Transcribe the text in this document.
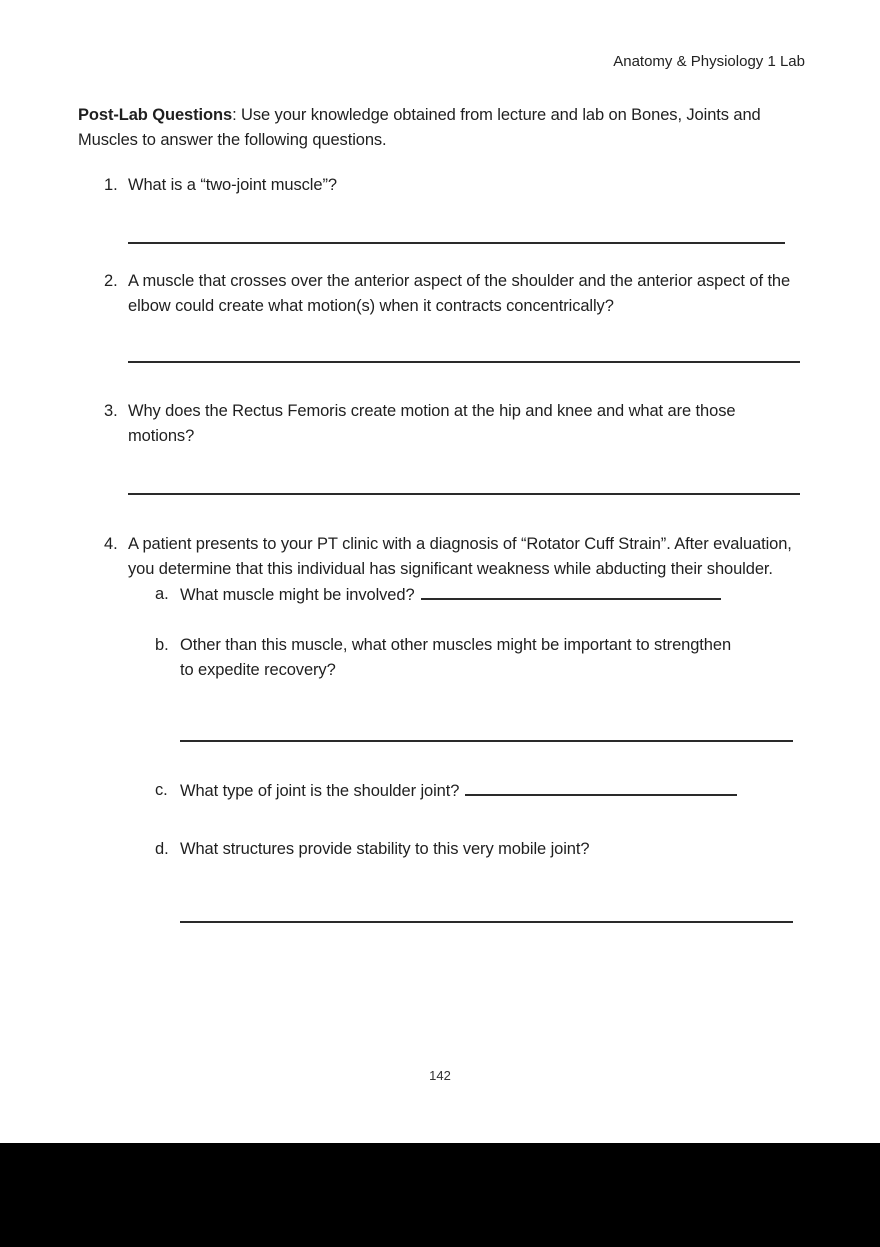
Anatomy & Physiology 1 Lab

Post-Lab Questions: Use your knowledge obtained from lecture and lab on Bones, Joints and Muscles to answer the following questions.

1. What is a “two-joint muscle”?
2. A muscle that crosses over the anterior aspect of the shoulder and the anterior aspect of the elbow could create what motion(s) when it contracts concentrically?
3. Why does the Rectus Femoris create motion at the hip and knee and what are those motions?
4. A patient presents to your PT clinic with a diagnosis of “Rotator Cuff Strain”. After evaluation, you determine that this individual has significant weakness while abducting their shoulder.
a. What muscle might be involved?
b. Other than this muscle, what other muscles might be important to strengthen to expedite recovery?
c. What type of joint is the shoulder joint?
d. What structures provide stability to this very mobile joint?
142
